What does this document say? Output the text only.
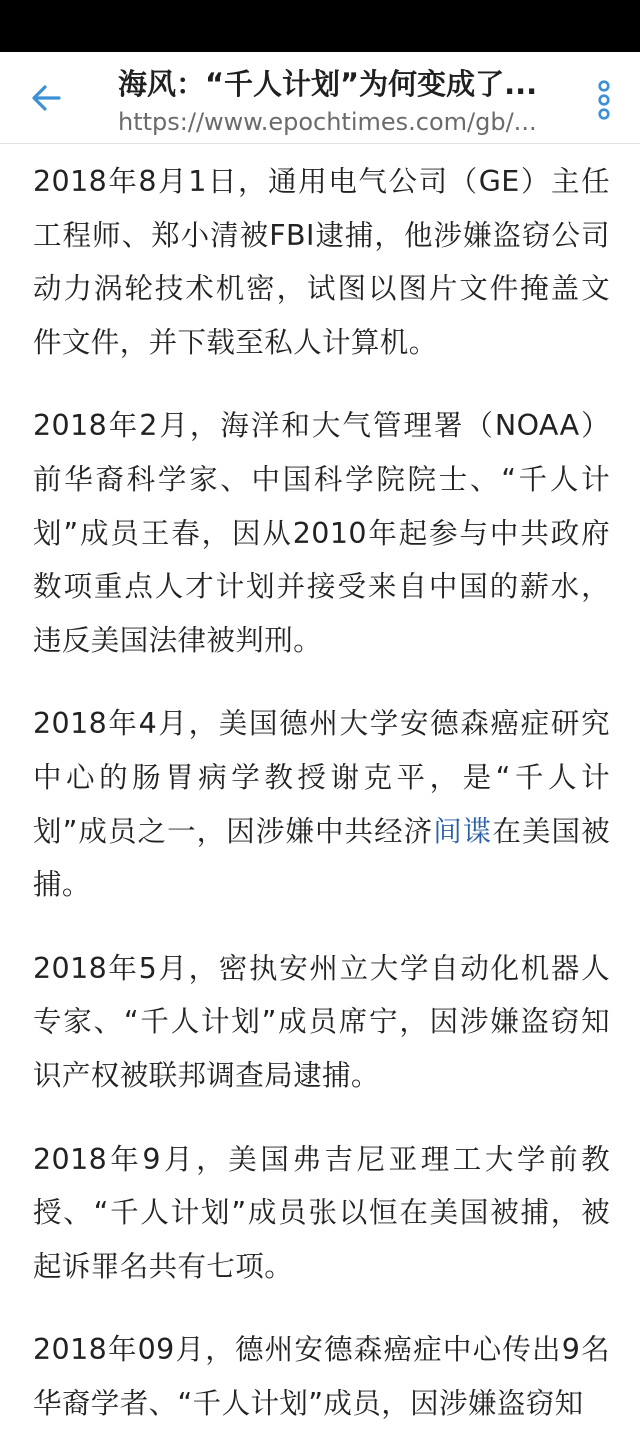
海风：“千人计划”为何变成了...
https://www.epochtimes.com/gb/...

2018年8月1日，通用电气公司（GE）主任工程师、郑小清被FBI逮捕，他涉嫌盗窃公司动力涡轮技术机密，试图以图片文件掩盖文件文件，并下载至私人计算机。

2018年2月，海洋和大气管理署（NOAA）前华裔科学家、中国科学院院士、“千人计划”成员王春，因从2010年起参与中共政府数项重点人才计划并接受来自中国的薪水，违反美国法律被判刑。

2018年4月，美国德州大学安德森癌症研究中心的肠胃病学教授谢克平，是“千人计划”成员之一，因涉嫌中共经济间谍在美国被捕。

2018年5月，密执安州立大学自动化机器人专家、“千人计划”成员席宁，因涉嫌盗窃知识产权被联邦调查局逮捕。

2018年9月，美国弗吉尼亚理工大学前教授、“千人计划”成员张以恒在美国被捕，被起诉罪名共有七项。

2018年09月，德州安德森癌症中心传出9名华裔学者、“千人计划”成员，因涉嫌盗窃知
